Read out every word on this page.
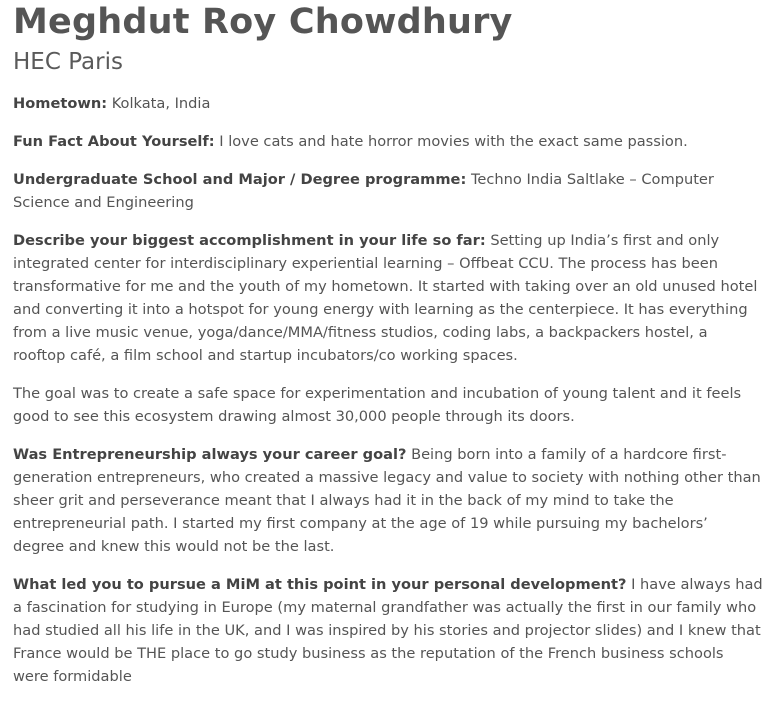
Meghdut Roy Chowdhury
HEC Paris

Hometown: Kolkata, India

Fun Fact About Yourself: I love cats and hate horror movies with the exact same passion.

Undergraduate School and Major / Degree programme: Techno India Saltlake – Computer Science and Engineering

Describe your biggest accomplishment in your life so far: Setting up India’s first and only integrated center for interdisciplinary experiential learning – Offbeat CCU. The process has been transformative for me and the youth of my hometown. It started with taking over an old unused hotel and converting it into a hotspot for young energy with learning as the centerpiece. It has everything from a live music venue, yoga/dance/MMA/fitness studios, coding labs, a backpackers hostel, a rooftop café, a film school and startup incubators/co working spaces.

The goal was to create a safe space for experimentation and incubation of young talent and it feels good to see this ecosystem drawing almost 30,000 people through its doors.

Was Entrepreneurship always your career goal? Being born into a family of a hardcore first-generation entrepreneurs, who created a massive legacy and value to society with nothing other than sheer grit and perseverance meant that I always had it in the back of my mind to take the entrepreneurial path. I started my first company at the age of 19 while pursuing my bachelors’ degree and knew this would not be the last.

What led you to pursue a MiM at this point in your personal development? I have always had a fascination for studying in Europe (my maternal grandfather was actually the first in our family who had studied all his life in the UK, and I was inspired by his stories and projector slides) and I knew that France would be THE place to go study business as the reputation of the French business schools were formidable
